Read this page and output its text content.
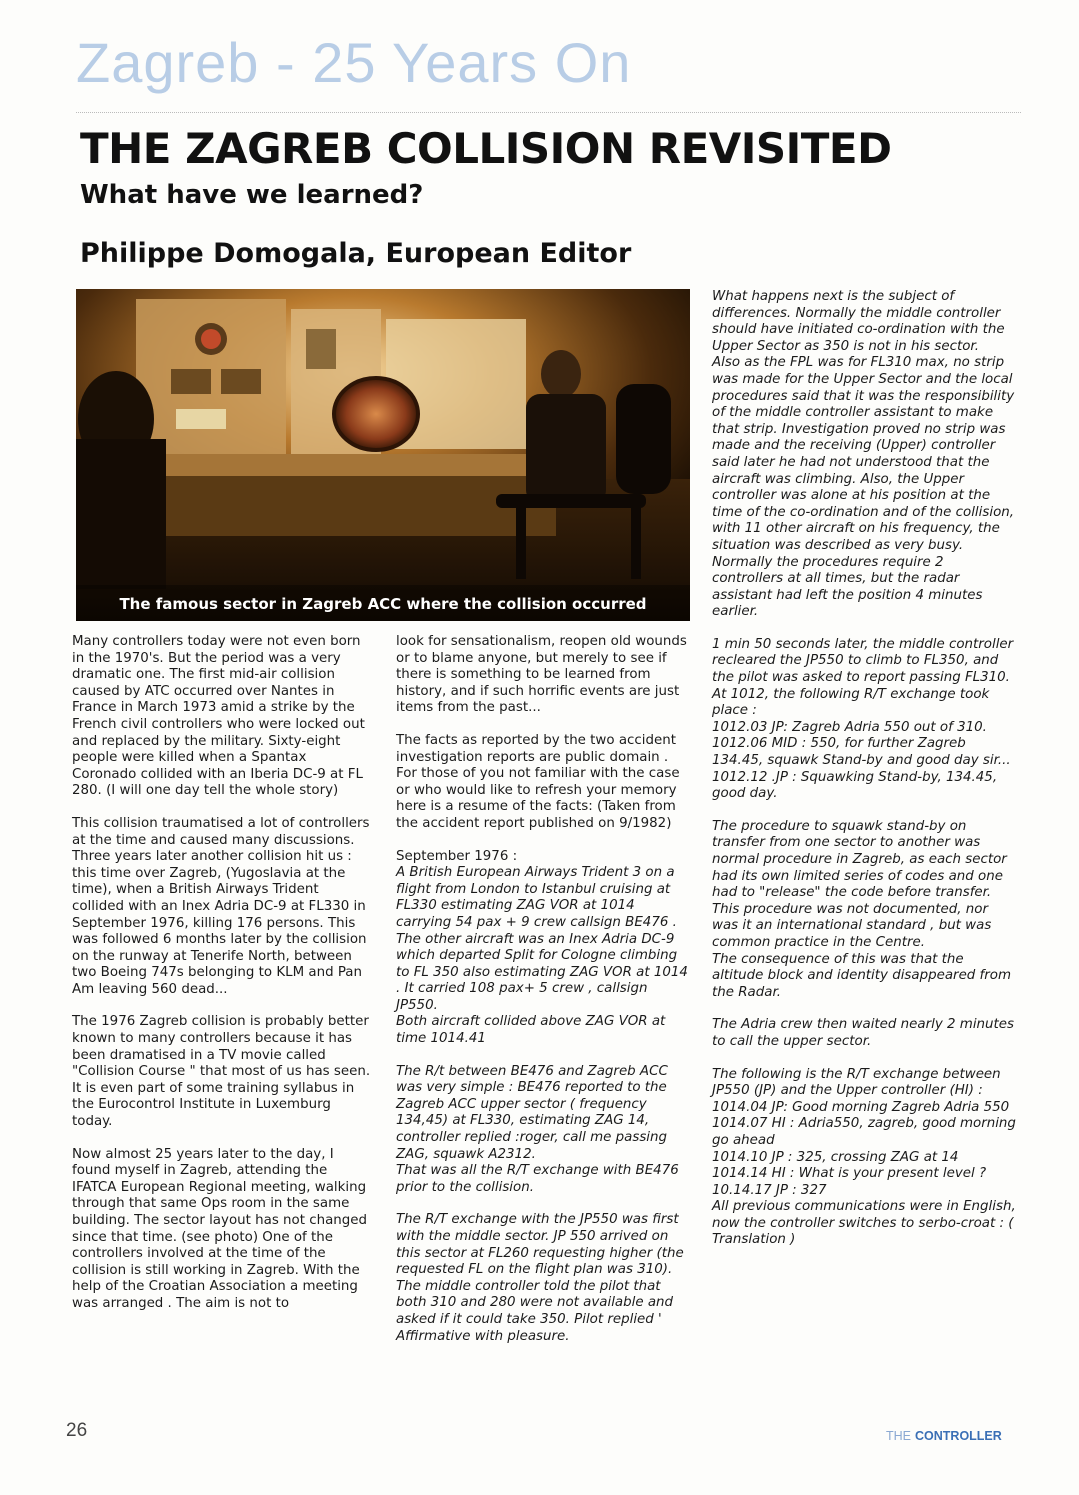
Zagreb - 25 Years On
THE ZAGREB COLLISION REVISITED
What have we learned?
Philippe Domogala, European Editor
The famous sector in Zagreb ACC where the collision occurred

Many controllers today were not even born in the 1970's. But the period was a very dramatic one. The first mid-air collision caused by ATC occurred over Nantes in France in March 1973 amid a strike by the French civil controllers who were locked out and replaced by the military. Sixty-eight people were killed when a Spantax Coronado collided with an Iberia DC-9 at FL 280. (I will one day tell the whole story)

This collision traumatised a lot of controllers at the time and caused many discussions. Three years later another collision hit us : this time over Zagreb, (Yugoslavia at the time), when a British Airways Trident collided with an Inex Adria DC-9 at FL330 in September 1976, killing 176 persons. This was followed 6 months later by the collision on the runway at Tenerife North, between two Boeing 747s belonging to KLM and Pan Am leaving 560 dead...

The 1976 Zagreb collision is probably better known to many controllers because it has been dramatised in a TV movie called "Collision Course " that most of us has seen. It is even part of some training syllabus in the Eurocontrol Institute in Luxemburg today.

Now almost 25 years later to the day, I found myself in Zagreb, attending the IFATCA European Regional meeting, walking through that same Ops room in the same building. The sector layout has not changed since that time. (see photo) One of the controllers involved at the time of the collision is still working in Zagreb. With the help of the Croatian Association a meeting was arranged . The aim is not to

look for sensationalism, reopen old wounds or to blame anyone, but merely to see if there is something to be learned from history, and if such horrific events are just items from the past...

The facts as reported by the two accident investigation reports are public domain . For those of you not familiar with the case or who would like to refresh your memory here is a resume of the facts: (Taken from the accident report published on 9/1982)

September 1976 :

A British European Airways Trident 3 on a flight from London to Istanbul cruising at FL330 estimating ZAG VOR at 1014 carrying 54 pax + 9 crew callsign BE476 . The other aircraft was an Inex Adria DC-9 which departed Split for Cologne climbing to FL 350 also estimating ZAG VOR at 1014 . It carried 108 pax+ 5 crew , callsign JP550.

Both aircraft collided above ZAG VOR at time 1014.41

The R/t between BE476 and Zagreb ACC was very simple : BE476 reported to the Zagreb ACC upper sector ( frequency 134,45) at FL330, estimating ZAG 14, controller replied :roger, call me passing ZAG, squawk A2312.

That was all the R/T exchange with BE476 prior to the collision.

The R/T exchange with the JP550 was first with the middle sector. JP 550 arrived on this sector at FL260 requesting higher (the requested FL on the flight plan was 310). The middle controller told the pilot that both 310 and 280 were not available and asked if it could take 350. Pilot replied ' Affirmative with pleasure.

What happens next is the subject of differences. Normally the middle controller should have initiated co-ordination with the Upper Sector as 350 is not in his sector.

Also as the FPL was for FL310 max, no strip was made for the Upper Sector and the local procedures said that it was the responsibility of the middle controller assistant to make that strip. Investigation proved no strip was made and the receiving (Upper) controller said later he had not understood that the aircraft was climbing. Also, the Upper controller was alone at his position at the time of the co-ordination and of the collision, with 11 other aircraft on his frequency, the situation was described as very busy. Normally the procedures require 2 controllers at all times, but the radar assistant had left the position 4 minutes earlier.

1 min 50 seconds later, the middle controller recleared the JP550 to climb to FL350, and the pilot was asked to report passing FL310. At 1012, the following R/T exchange took place :

1012.03 JP: Zagreb Adria 550 out of 310.

1012.06 MID : 550, for further Zagreb 134.45, squawk Stand-by and good day sir...

1012.12 .JP : Squawking Stand-by, 134.45, good day.

The procedure to squawk stand-by on transfer from one sector to another was normal procedure in Zagreb, as each sector had its own limited series of codes and one had to "release" the code before transfer. This procedure was not documented, nor was it an international standard , but was common practice in the Centre.

The consequence of this was that the altitude block and identity disappeared from the Radar.

The Adria crew then waited nearly 2 minutes to call the upper sector.

The following is the R/T exchange between JP550 (JP) and the Upper controller (HI) :

1014.04 JP: Good morning Zagreb Adria 550

1014.07 HI : Adria550, zagreb, good morning go ahead

1014.10 JP : 325, crossing ZAG at 14

1014.14 HI : What is your present level ?

10.14.17 JP : 327

All previous communications were in English, now the controller switches to serbo-croat : ( Translation )

26	THE CONTROLLER
